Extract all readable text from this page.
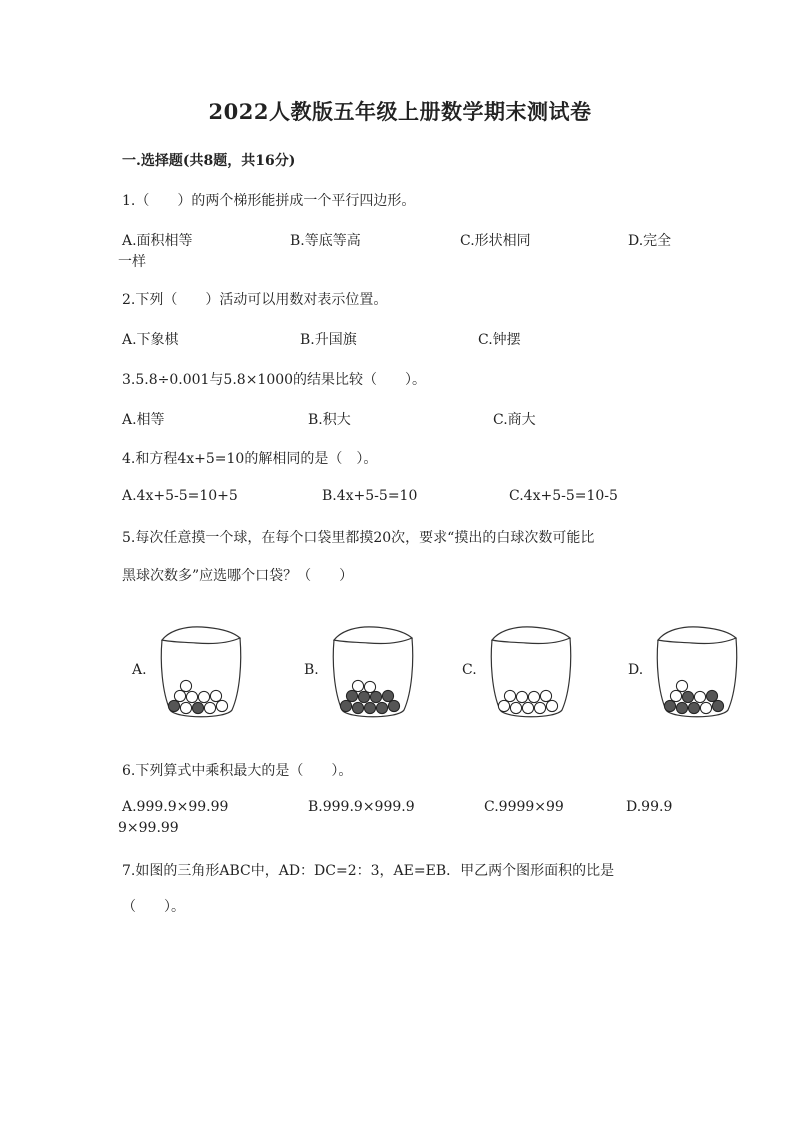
2022人教版五年级上册数学期末测试卷
一.选择题(共8题，共16分)
1.（　　）的两个梯形能拼成一个平行四边形。
A.面积相等	B.等底等高	C.形状相同	D.完全
一样
2.下列（　　）活动可以用数对表示位置。
A.下象棋	B.升国旗	C.钟摆
3.5.8÷0.001与5.8×1000的结果比较（　　）。
A.相等	B.积大	C.商大
4.和方程4x+5=10的解相同的是（　）。
A.4x+5-5=10+5	B.4x+5-5=10	C.4x+5-5=10-5
5.每次任意摸一个球，在每个口袋里都摸20次，要求“摸出的白球次数可能比
黑球次数多”应选哪个口袋？（　　）
A.	B.	C.	D.
6.下列算式中乘积最大的是（　　）。
A.999.9×99.99	B.999.9×999.9	C.9999×99	D.99.9
9×99.99
7.如图的三角形ABC中，AD：DC=2：3，AE=EB．甲乙两个图形面积的比是
（　　）。
